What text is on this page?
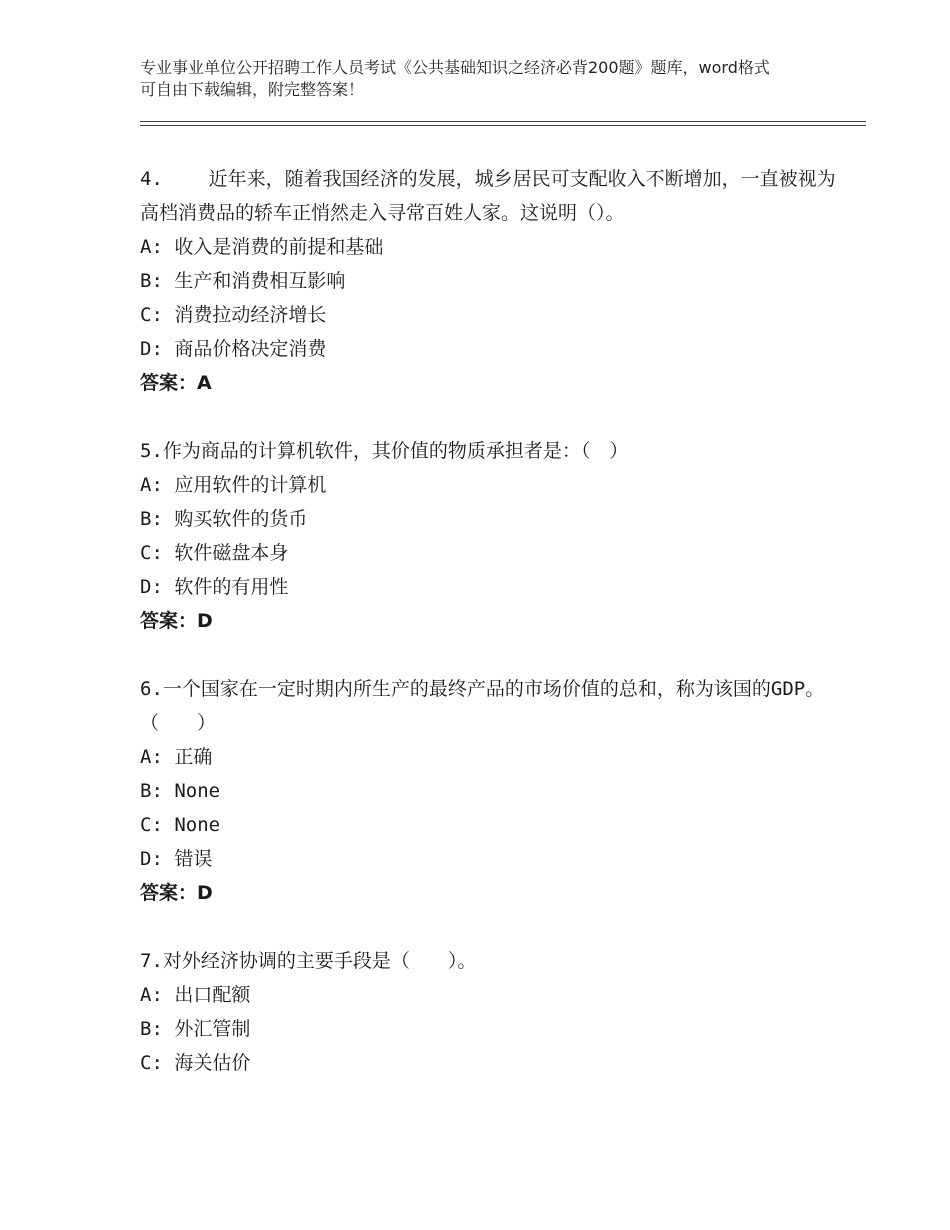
专业事业单位公开招聘工作人员考试《公共基础知识之经济必背200题》题库，word格式可自由下载编辑，附完整答案！

4.    近年来，随着我国经济的发展，城乡居民可支配收入不断增加，一直被视为高档消费品的轿车正悄然走入寻常百姓人家。这说明（）。

A: 收入是消费的前提和基础
B: 生产和消费相互影响
C: 消费拉动经济增长
D: 商品价格决定消费
答案：A

5.作为商品的计算机软件，其价值的物质承担者是：（　）

A: 应用软件的计算机
B: 购买软件的货币
C: 软件磁盘本身
D: 软件的有用性
答案：D

6.一个国家在一定时期内所生产的最终产品的市场价值的总和，称为该国的GDP。（　　）

A: 正确
B: None
C: None
D: 错误
答案：D

7.对外经济协调的主要手段是（　　）。

A: 出口配额
B: 外汇管制
C: 海关估价
